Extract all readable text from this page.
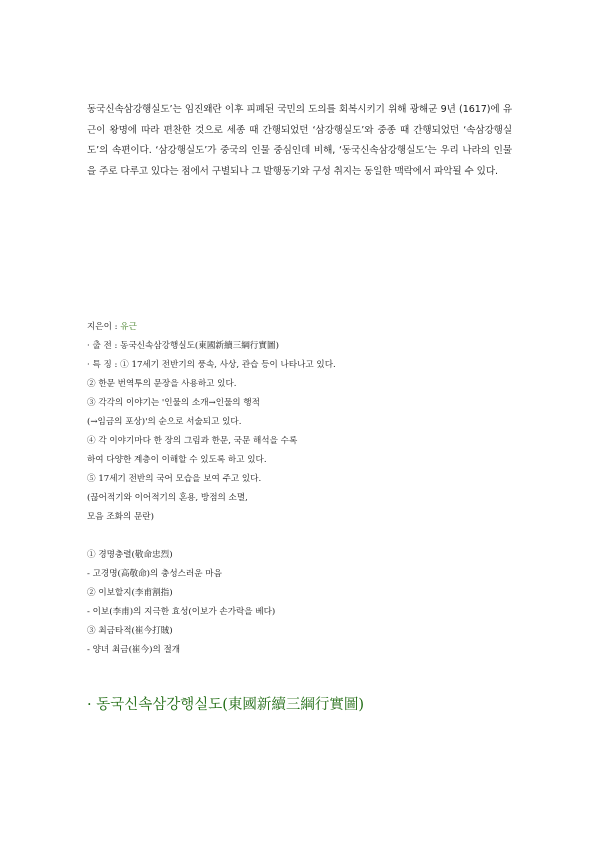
동국신속삼강행실도’는 임진왜란 이후 피폐된 국민의 도의를 회복시키기 위해 광해군 9년 (1617)에 유근이 왕명에 따라 편찬한 것으로 세종 때 간행되었던 ‘삼강행실도’와 중종 때 간행되었던 ‘속삼강행실도’의 속편이다. ‘삼강행실도’가 중국의 인물 중심인데 비해, ‘동국신속삼강행실도’는 우리 나라의 인물을 주로 다루고 있다는 점에서 구별되나 그 발행동기와 구성 취지는 동일한 맥락에서 파악될 수 있다.

지은이 : 유근
· 출 전 : 동국신속삼강행실도(東國新續三綱行實圖)
· 특 징 : ① 17세기 전반기의 풍속, 사상, 관습 등이 나타나고 있다.
② 한문 번역투의 문장을 사용하고 있다.
③ 각각의 이야기는 '인물의 소개→인물의 행적
(→임금의 포상)'의 순으로 서술되고 있다.
④ 각 이야기마다 한 장의 그림과 한문, 국문 해석을 수록
하여 다양한 계층이 이해할 수 있도록 하고 있다.
⑤ 17세기 전반의 국어 모습을 보여 주고 있다.
(끊어적기와 이어적기의 혼용, 방점의 소멸,
모음 조화의 문란)
① 경명충렬(敬命忠烈)
- 고경명(高敬命)의 충성스러운 마음
② 이보할지(李甫割指)
- 이보(李甫)의 지극한 효성(이보가 손가락을 베다)
③ 최금타적(崔今打賊)
- 양녀 최금(崔今)의 절개
· 동국신속삼강행실도(東國新續三綱行實圖)
